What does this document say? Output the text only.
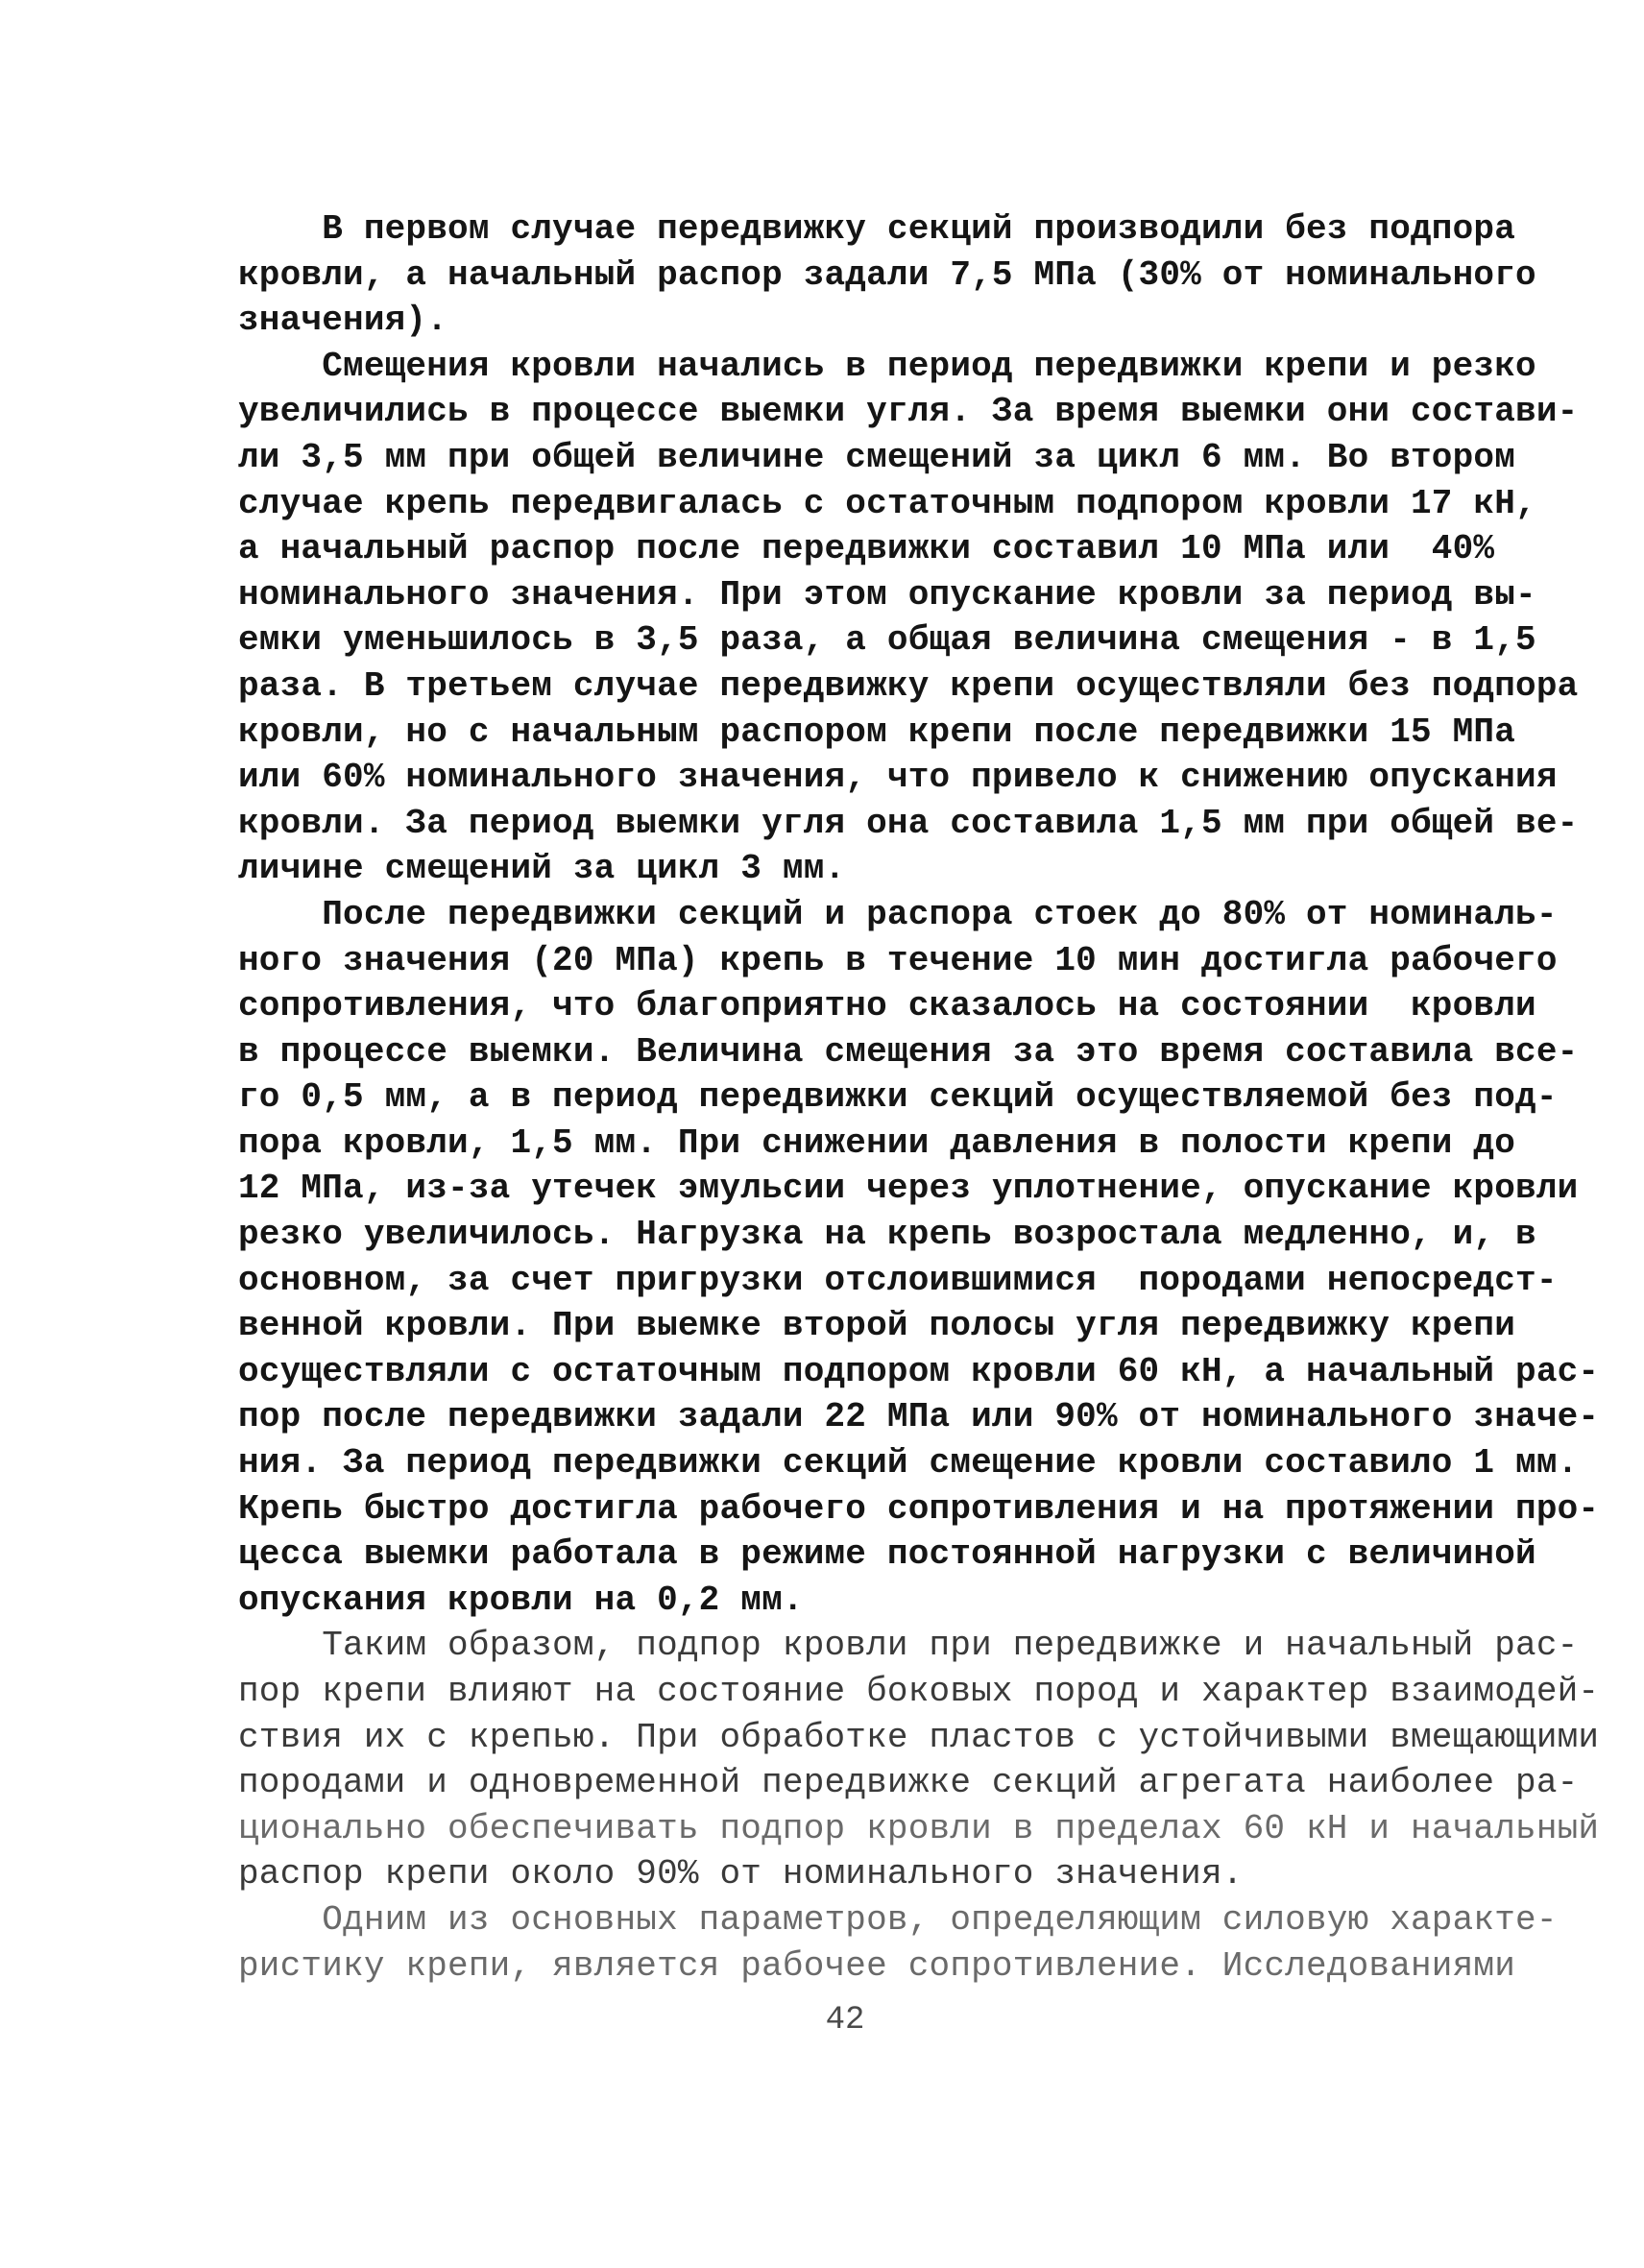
В первом случае передвижку секций производили без подпора
кровли, а начальный распор задали 7,5 МПа (30% от номинального
значения).
Смещения кровли начались в период передвижки крепи и резко
увеличились в процессе выемки угля. За время выемки они состави-
ли 3,5 мм при общей величине смещений за цикл 6 мм. Во втором
случае крепь передвигалась с остаточным подпором кровли 17 кН,
а начальный распор после передвижки составил 10 МПа или  40%
номинального значения. При этом опускание кровли за период вы-
емки уменьшилось в 3,5 раза, а общая величина смещения - в 1,5
раза. В третьем случае передвижку крепи осуществляли без подпора
кровли, но с начальным распором крепи после передвижки 15 МПа
или 60% номинального значения, что привело к снижению опускания
кровли. За период выемки угля она составила 1,5 мм при общей ве-
личине смещений за цикл 3 мм.
После передвижки секций и распора стоек до 80% от номиналь-
ного значения (20 МПа) крепь в течение 10 мин достигла рабочего
сопротивления, что благоприятно сказалось на состоянии  кровли
в процессе выемки. Величина смещения за это время составила все-
го 0,5 мм, а в период передвижки секций осуществляемой без под-
пора кровли, 1,5 мм. При снижении давления в полости крепи до
12 МПа, из-за утечек эмульсии через уплотнение, опускание кровли
резко увеличилось. Нагрузка на крепь возростала медленно, и, в
основном, за счет пригрузки отслоившимися  породами непосредст-
венной кровли. При выемке второй полосы угля передвижку крепи
осуществляли с остаточным подпором кровли 60 кН, а начальный рас-
пор после передвижки задали 22 МПа или 90% от номинального значе-
ния. За период передвижки секций смещение кровли составило 1 мм.
Крепь быстро достигла рабочего сопротивления и на протяжении про-
цесса выемки работала в режиме постоянной нагрузки с величиной
опускания кровли на 0,2 мм.
Таким образом, подпор кровли при передвижке и начальный рас-
пор крепи влияют на состояние боковых пород и характер взаимодей-
ствия их с крепью. При обработке пластов с устойчивыми вмещающими
породами и одновременной передвижке секций агрегата наиболее ра-
ционально обеспечивать подпор кровли в пределах 60 кН и начальный
распор крепи около 90% от номинального значения.
Одним из основных параметров, определяющим силовую характе-
ристику крепи, является рабочее сопротивление. Исследованиями
42
